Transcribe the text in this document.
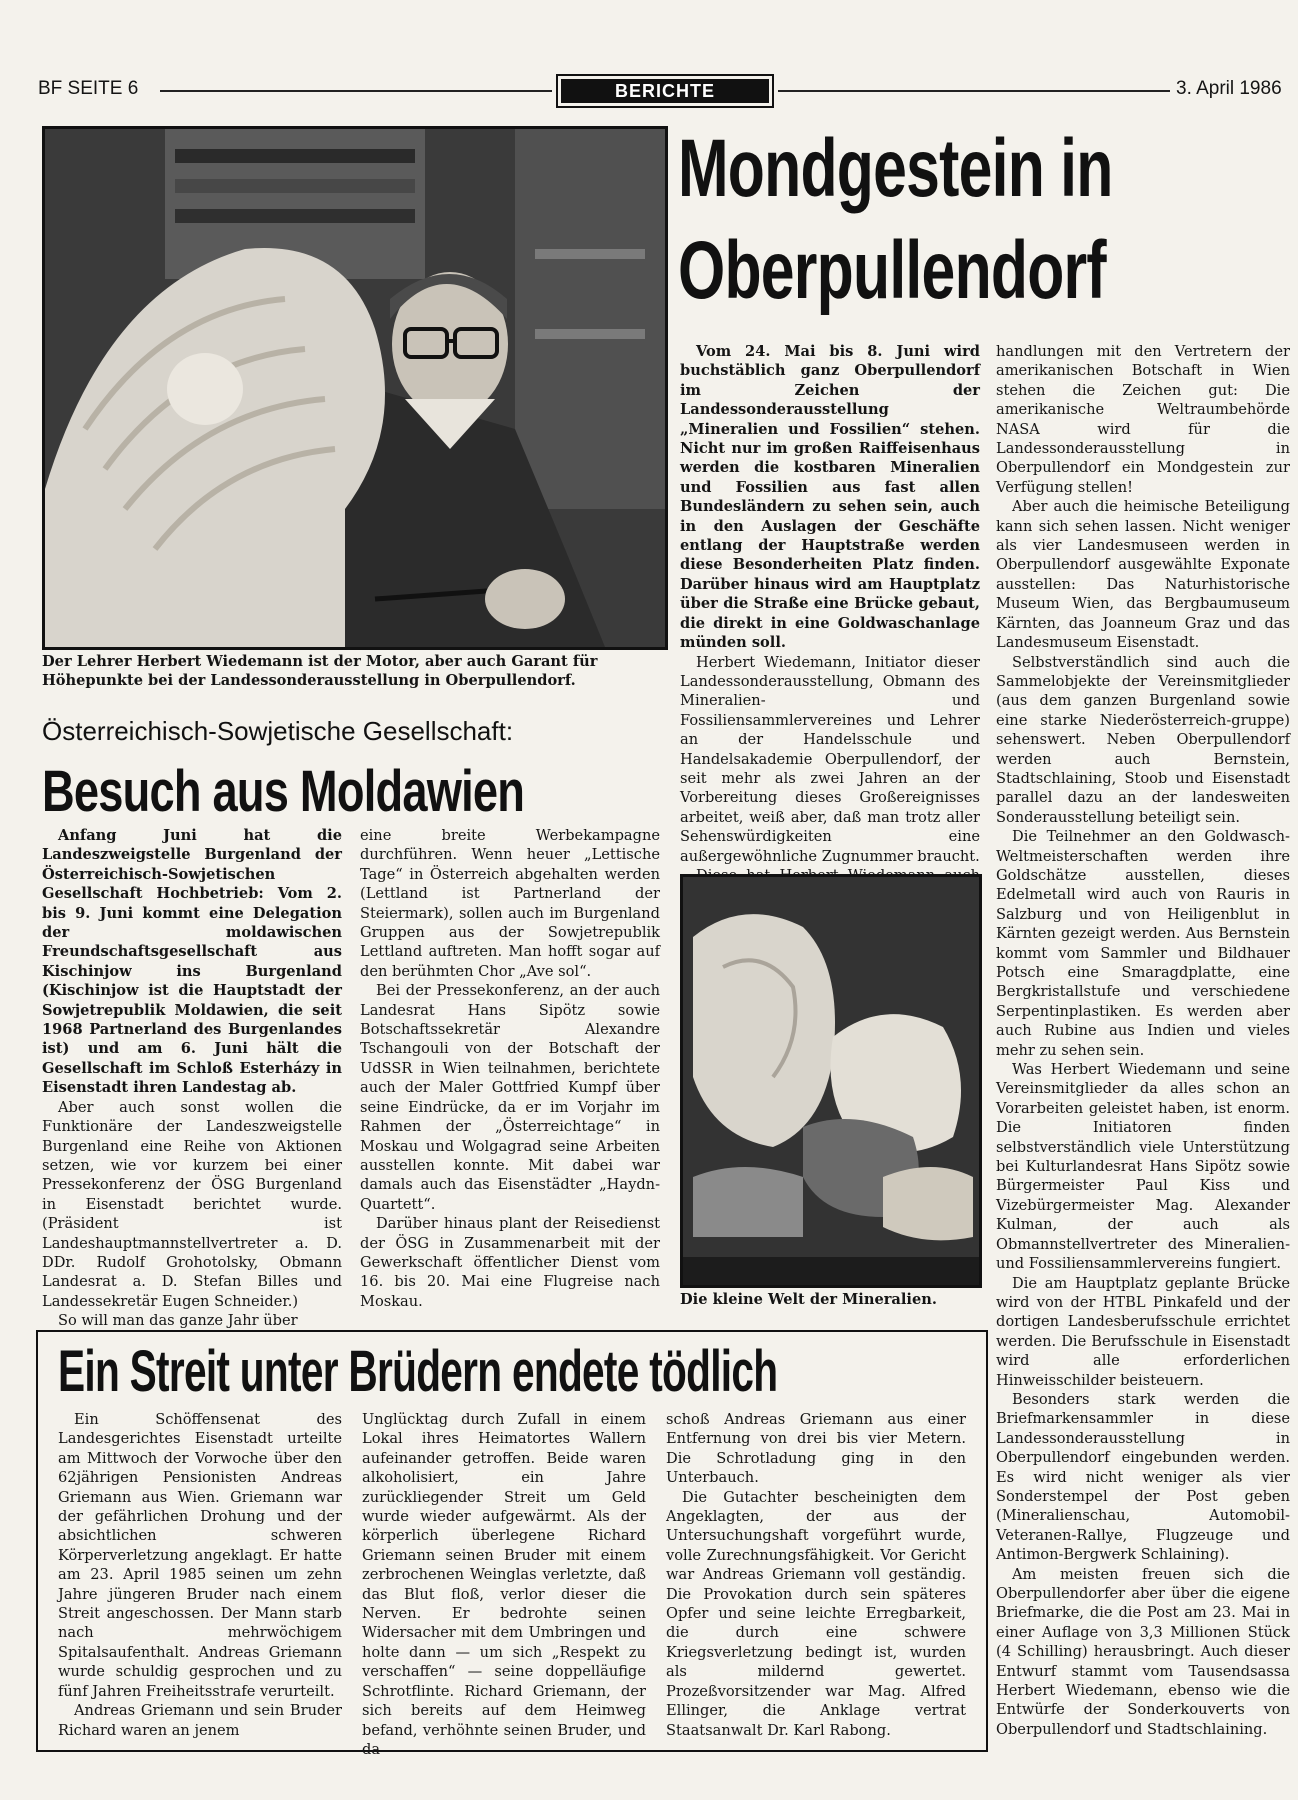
BF SEITE 6	BERICHTE	3. April 1986
Der Lehrer Herbert Wiedemann ist der Motor, aber auch Garant für Höhepunkte bei der Landessonderausstellung in Oberpullendorf.
Mondgestein in
Oberpullendorf

Vom 24. Mai bis 8. Juni wird buchstäblich ganz Oberpullendorf im Zeichen der Landessonderausstellung „Mineralien und Fossilien“ stehen. Nicht nur im großen Raiffeisenhaus werden die kostbaren Mineralien und Fossilien aus fast allen Bundesländern zu sehen sein, auch in den Auslagen der Geschäfte entlang der Hauptstraße werden diese Besonderheiten Platz finden. Darüber hinaus wird am Hauptplatz über die Straße eine Brücke gebaut, die direkt in eine Goldwaschanlage münden soll.

Herbert Wiedemann, Initiator dieser Landessonderausstellung, Obmann des Mineralien- und Fossiliensammlervereines und Lehrer an der Handelsschule und Handelsakademie Oberpullendorf, der seit mehr als zwei Jahren an der Vorbereitung dieses Großereignisses arbeitet, weiß aber, daß man trotz aller Sehenswürdigkeiten eine außergewöhnliche Zugnummer braucht.

Die kleine Welt der Mineralien.

handlungen mit den Vertretern der amerikanischen Botschaft in Wien stehen die Zeichen gut: Die amerikanische Weltraumbehörde NASA wird für die Landessonderausstellung in Oberpullendorf ein Mondgestein zur Verfügung stellen!

Aber auch die heimische Beteiligung kann sich sehen lassen. Nicht weniger als vier Landesmuseen werden in Oberpullendorf ausgewählte Exponate ausstellen: Das Naturhistorische Museum Wien, das Bergbaumuseum Kärnten, das Joanneum Graz und das Landesmuseum Eisenstadt.

Selbstverständlich sind auch die Sammelobjekte der Vereinsmitglieder (aus dem ganzen Burgenland sowie eine starke Niederösterreich-gruppe) sehenswert. Neben Oberpullendorf werden auch Bernstein, Stadtschlaining, Stoob und Eisenstadt parallel dazu an der landesweiten Sonderausstellung beteiligt sein.

Die Teilnehmer an den Goldwasch-Weltmeisterschaften werden ihre Goldschätze ausstellen, dieses Edelmetall wird auch von Rauris in Salzburg und von Heiligenblut in Kärnten gezeigt werden. Aus Bernstein kommt vom Sammler und Bildhauer Potsch eine Smaragdplatte, eine Bergkristallstufe und verschiedene Serpentinplastiken. Es werden aber auch Rubine aus Indien und vieles mehr zu sehen sein.

Was Herbert Wiedemann und seine Vereinsmitglieder da alles schon an Vorarbeiten geleistet haben, ist enorm. Die Initiatoren finden selbstverständlich viele Unterstützung bei Kulturlandesrat Hans Sipötz sowie Bürgermeister Paul Kiss und Vizebürgermeister Mag. Alexander Kulman, der auch als Obmannstellvertreter des Mineralien- und Fossiliensammlervereins fungiert.

Die am Hauptplatz geplante Brücke wird von der HTBL Pinkafeld und der dortigen Landesberufsschule errichtet werden. Die Berufsschule in Eisenstadt wird alle erforderlichen Hinweisschilder beisteuern.

Besonders stark werden die Briefmarkensammler in diese Landessonderausstellung in Oberpullendorf eingebunden werden. Es wird nicht weniger als vier Sonderstempel der Post geben (Mineralienschau, Automobil-Veteranen-Rallye, Flugzeuge und Antimon-Bergwerk Schlaining).

Am meisten freuen sich die Oberpullendorfer aber über die eigene Briefmarke, die die Post am 23. Mai in einer Auflage von 3,3 Millionen Stück (4 Schilling) herausbringt. Auch dieser Entwurf stammt vom Tausendsassa Herbert Wiedemann, ebenso wie die Entwürfe der Sonderkouverts von Oberpullendorf und Stadtschlaining.

Österreichisch-Sowjetische Gesellschaft:
Besuch aus Moldawien

Anfang Juni hat die Landeszweigstelle Burgenland der Österreichisch-Sowjetischen Gesellschaft Hochbetrieb: Vom 2. bis 9. Juni kommt eine Delegation der moldawischen Freundschaftsgesellschaft aus Kischinjow ins Burgenland (Kischinjow ist die Hauptstadt der Sowjetrepublik Moldawien, die seit 1968 Partnerland des Burgenlandes ist) und am 6. Juni hält die Gesellschaft im Schloß Esterházy in Eisenstadt ihren Landestag ab.

Aber auch sonst wollen die Funktionäre der Landeszweigstelle Burgenland eine Reihe von Aktionen setzen, wie vor kurzem bei einer Pressekonferenz der ÖSG Burgenland in Eisenstadt berichtet wurde. (Präsident ist Landeshauptmannstellvertreter a. D. DDr. Rudolf Grohotolsky, Obmann Landesrat a. D. Stefan Billes und Landessekretär Eugen Schneider.)

So will man das ganze Jahr über

eine breite Werbekampagne durchführen. Wenn heuer „Lettische Tage“ in Österreich abgehalten werden (Lettland ist Partnerland der Steiermark), sollen auch im Burgenland Gruppen aus der Sowjetrepublik Lettland auftreten. Man hofft sogar auf den berühmten Chor „Ave sol“.

Bei der Pressekonferenz, an der auch Landesrat Hans Sipötz sowie Botschaftssekretär Alexandre Tschangouli von der Botschaft der UdSSR in Wien teilnahmen, berichtete auch der Maler Gottfried Kumpf über seine Eindrücke, da er im Vorjahr im Rahmen der „Österreichtage“ in Moskau und Wolgagrad seine Arbeiten ausstellen konnte. Mit dabei war damals auch das Eisenstädter „Haydn-Quartett“.

Darüber hinaus plant der Reisedienst der ÖSG in Zusammenarbeit mit der Gewerkschaft öffentlicher Dienst vom 16. bis 20. Mai eine Flugreise nach Moskau.

Ein Streit unter Brüdern endete tödlich

Ein Schöffensenat des Landesgerichtes Eisenstadt urteilte am Mittwoch der Vorwoche über den 62jährigen Pensionisten Andreas Griemann aus Wien. Griemann war der gefährlichen Drohung und der absichtlichen schweren Körperverletzung angeklagt. Er hatte am 23. April 1985 seinen um zehn Jahre jüngeren Bruder nach einem Streit angeschossen. Der Mann starb nach mehrwöchigem Spitalsaufenthalt. Andreas Griemann wurde schuldig gesprochen und zu fünf Jahren Freiheitsstrafe verurteilt.

Andreas Griemann und sein Bruder Richard waren an jenem

Unglücktag durch Zufall in einem Lokal ihres Heimatortes Wallern aufeinander getroffen. Beide waren alkoholisiert, ein Jahre zurückliegender Streit um Geld wurde wieder aufgewärmt. Als der körperlich überlegene Richard Griemann seinen Bruder mit einem zerbrochenen Weinglas verletzte, daß das Blut floß, verlor dieser die Nerven. Er bedrohte seinen Widersacher mit dem Umbringen und holte dann — um sich „Respekt zu verschaffen“ — seine doppelläufige Schrotflinte. Richard Griemann, der sich bereits auf dem Heimweg befand, verhöhnte seinen Bruder, und da

schoß Andreas Griemann aus einer Entfernung von drei bis vier Metern. Die Schrotladung ging in den Unterbauch.

Die Gutachter bescheinigten dem Angeklagten, der aus der Untersuchungshaft vorgeführt wurde, volle Zurechnungsfähigkeit. Vor Gericht war Andreas Griemann voll geständig. Die Provokation durch sein späteres Opfer und seine leichte Erregbarkeit, die durch eine schwere Kriegsverletzung bedingt ist, wurden als mildernd gewertet. Prozeßvorsitzender war Mag. Alfred Ellinger, die Anklage vertrat Staatsanwalt Dr. Karl Rabong.
